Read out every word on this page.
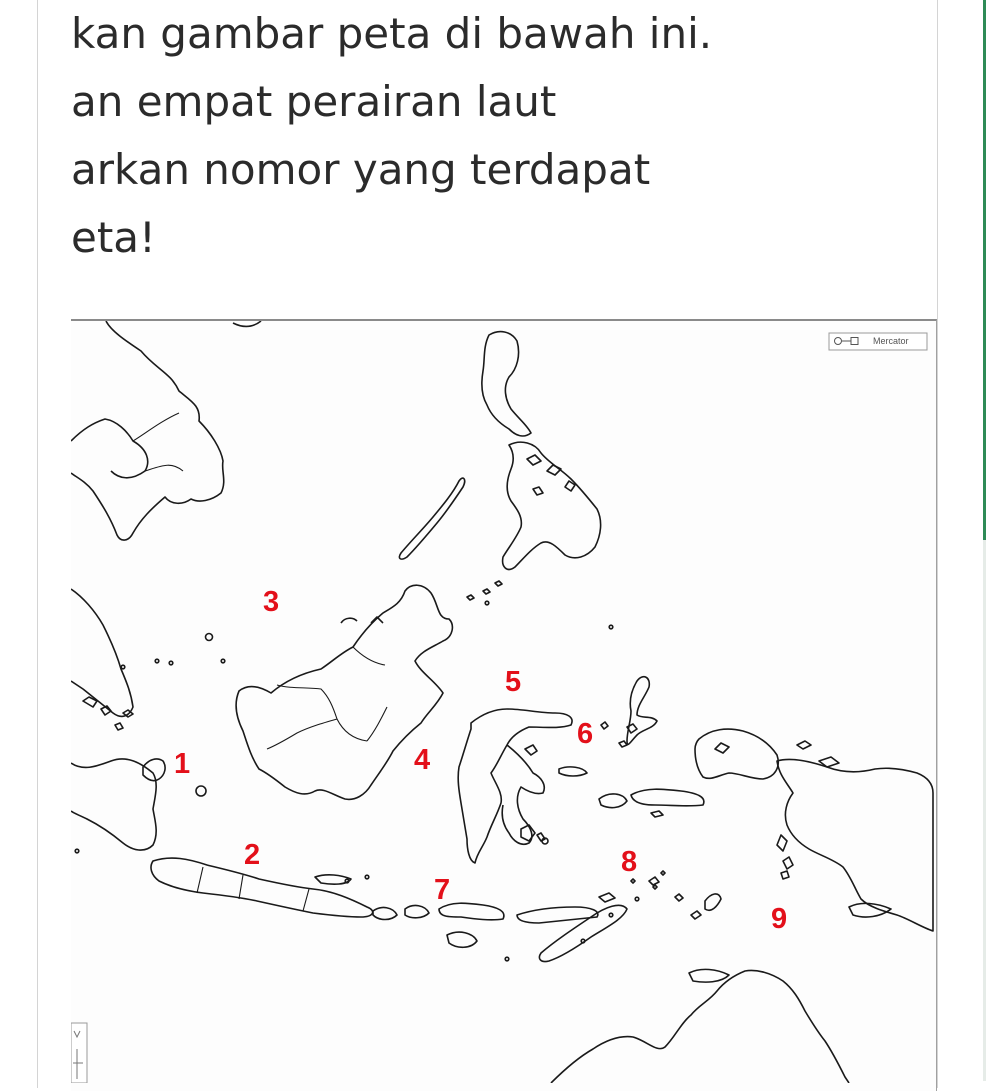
kan gambar peta di bawah ini.
an empat perairan laut
arkan nomor yang terdapat
eta!
Mercator
1
2
3
4
5
6
7
8
9
